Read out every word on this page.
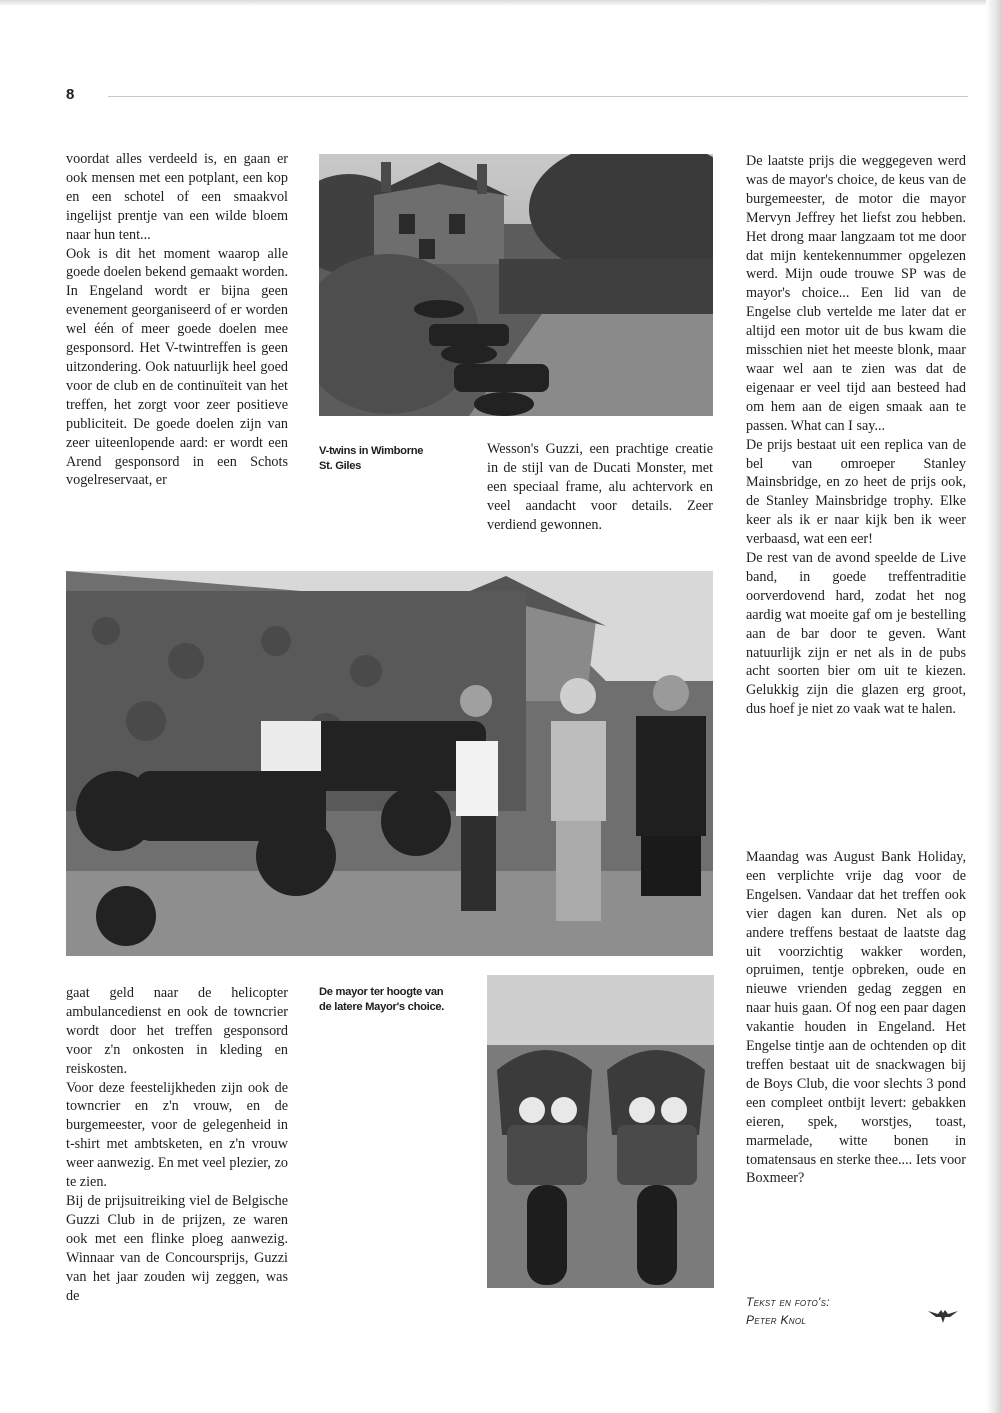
8

voordat alles verdeeld is, en gaan er ook mensen met een potplant, een kop en een schotel of een smaakvol ingelijst prentje van een wilde bloem naar hun tent...

Ook is dit het moment waarop alle goede doelen bekend gemaakt worden. In Engeland wordt er bijna geen evenement georganiseerd of er worden wel één of meer goede doelen mee gesponsord. Het V-twintreffen is geen uitzondering. Ook natuurlijk heel goed voor de club en de continuïteit van het treffen, het zorgt voor zeer positieve publiciteit. De goede doelen zijn van zeer uiteenlopende aard: er wordt een Arend gesponsord in een Schots vogelreservaat, er

V-twins in Wimborne
St. Giles
Wesson's Guzzi, een prachtige creatie in de stijl van de Ducati Monster, met een speciaal frame, alu achtervork en veel aandacht voor details. Zeer verdiend gewonnen.

De laatste prijs die weggegeven werd was de mayor's choice, de keus van de burgemeester, de motor die mayor Mervyn Jeffrey het liefst zou hebben. Het drong maar langzaam tot me door dat mijn kentekennummer opgelezen werd. Mijn oude trouwe SP was de mayor's choice... Een lid van de Engelse club vertelde me later dat er altijd een motor uit de bus kwam die misschien niet het meeste blonk, maar waar wel aan te zien was dat de eigenaar er veel tijd aan besteed had om hem aan de eigen smaak aan te passen. What can I say...

De prijs bestaat uit een replica van de bel van omroeper Stanley Mainsbridge, en zo heet de prijs ook, de Stanley Mainsbridge trophy. Elke keer als ik er naar kijk ben ik weer verbaasd, wat een eer!

De rest van de avond speelde de Live band, in goede treffentraditie oorverdovend hard, zodat het nog aardig wat moeite gaf om je bestelling aan de bar door te geven. Want natuurlijk zijn er net als in de pubs acht soorten bier om uit te kiezen. Gelukkig zijn die glazen erg groot, dus hoef je niet zo vaak wat te halen.

gaat geld naar de helicopter ambulancedienst en ook de towncrier wordt door het treffen gesponsord voor z'n onkosten in kleding en reiskosten.

Voor deze feestelijkheden zijn ook de towncrier en z'n vrouw, en de burgemeester, voor de gelegenheid in t-shirt met ambtsketen, en z'n vrouw weer aanwezig. En met veel plezier, zo te zien.

Bij de prijsuitreiking viel de Belgische Guzzi Club in de prijzen, ze waren ook met een flinke ploeg aanwezig. Winnaar van de Concoursprijs, Guzzi van het jaar zouden wij zeggen, was de

De mayor ter hoogte van
de latere Mayor's choice.

Maandag was August Bank Holiday, een verplichte vrije dag voor de Engelsen. Vandaar dat het treffen ook vier dagen kan duren. Net als op andere treffens bestaat de laatste dag uit voorzichtig wakker worden, opruimen, tentje opbreken, oude en nieuwe vrienden gedag zeggen en naar huis gaan. Of nog een paar dagen vakantie houden in Engeland. Het Engelse tintje aan de ochtenden op dit treffen bestaat uit de snackwagen bij de Boys Club, die voor slechts 3 pond een compleet ontbijt levert: gebakken eieren, spek, worstjes, toast, marmelade, witte bonen in tomatensaus en sterke thee.... Iets voor Boxmeer?

Tekst en foto's:
Peter Knol
